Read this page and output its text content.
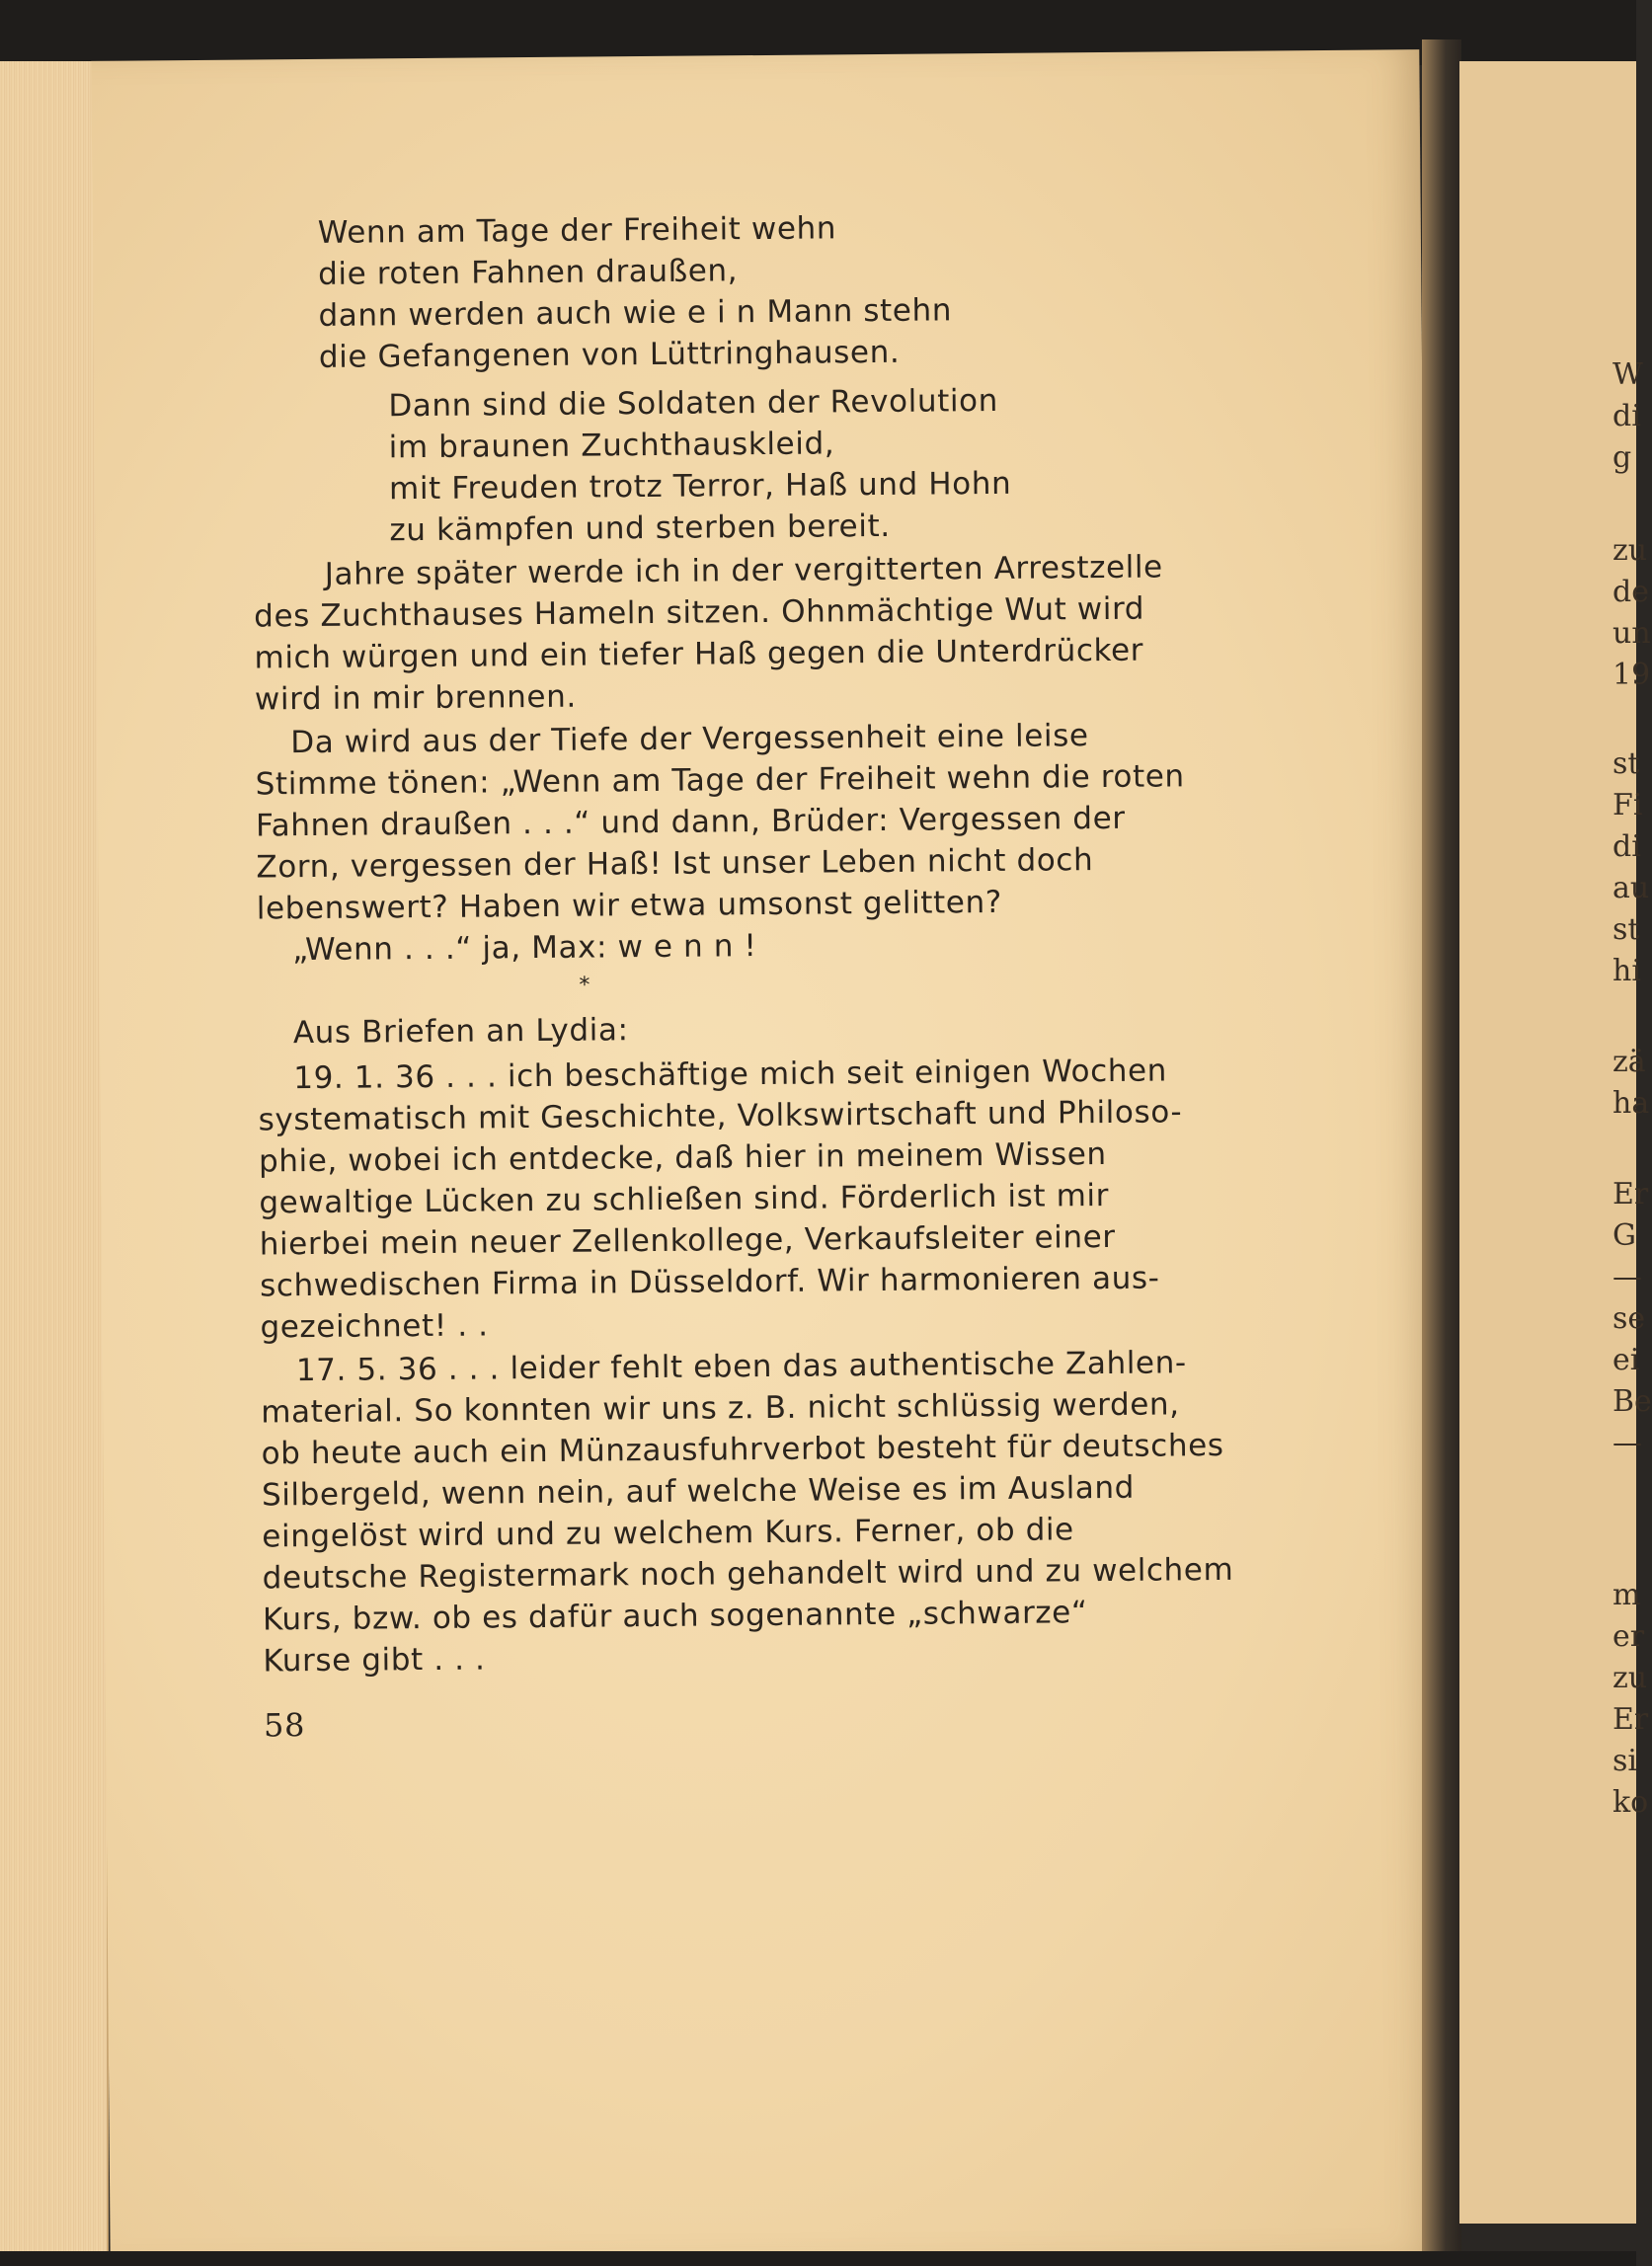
Wenn am Tage der Freiheit wehn
die roten Fahnen draußen,
dann werden auch wie e i n Mann stehn
die Gefangenen von Lüttringhausen.
Dann sind die Soldaten der Revolution
im braunen Zuchthauskleid,
mit Freuden trotz Terror, Haß und Hohn
zu kämpfen und sterben bereit.
Jahre später werde ich in der vergitterten Arrestzelle
des Zuchthauses Hameln sitzen. Ohnmächtige Wut wird
mich würgen und ein tiefer Haß gegen die Unterdrücker
wird in mir brennen.
Da wird aus der Tiefe der Vergessenheit eine leise
Stimme tönen: „Wenn am Tage der Freiheit wehn die roten
Fahnen draußen . . .“ und dann, Brüder: Vergessen der
Zorn, vergessen der Haß! Ist unser Leben nicht doch
lebenswert? Haben wir etwa umsonst gelitten?
„Wenn . . .“ ja, Max: w e n n !
*
Aus Briefen an Lydia:
19. 1. 36 . . . ich beschäftige mich seit einigen Wochen
systematisch mit Geschichte, Volkswirtschaft und Philoso-
phie, wobei ich entdecke, daß hier in meinem Wissen
gewaltige Lücken zu schließen sind. Förderlich ist mir
hierbei mein neuer Zellenkollege, Verkaufsleiter einer
schwedischen Firma in Düsseldorf. Wir harmonieren aus-
gezeichnet! . .
17. 5. 36 . . . leider fehlt eben das authentische Zahlen-
material. So konnten wir uns z. B. nicht schlüssig werden,
ob heute auch ein Münzausfuhrverbot besteht für deutsches
Silbergeld, wenn nein, auf welche Weise es im Ausland
eingelöst wird und zu welchem Kurs. Ferner, ob die
deutsche Registermark noch gehandelt wird und zu welchem
Kurs, bzw. ob es dafür auch sogenannte „schwarze“
Kurse gibt . . .
58
W
di
g
zu
de
un
19
st
Fi
di
au
st
hi
zä
ha
Er
G
—
se
ei
Be
—
m
er
zu
Er
si
ko
